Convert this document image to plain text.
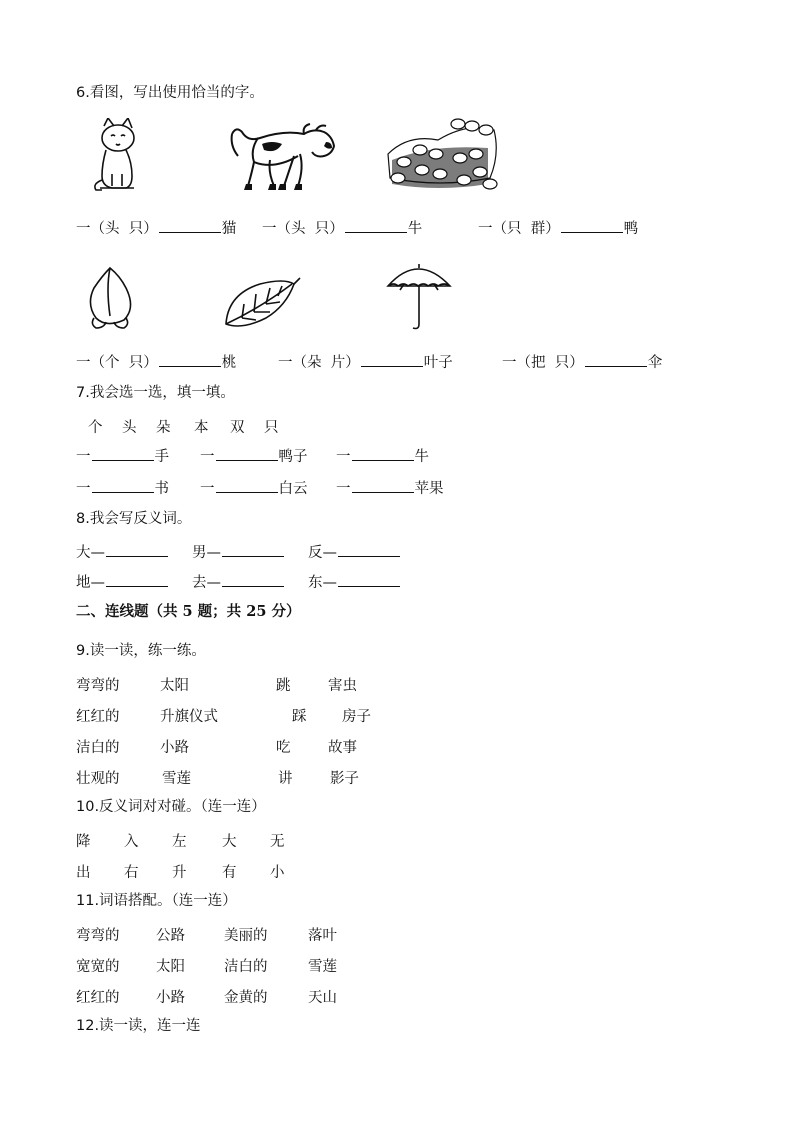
6.看图，写出使用恰当的字。
一（头  只）	猫 一（头  只）	牛	一（只  群）	鸭
一（个  只）	桃	一（朵  片）	叶子	一（把  只）	伞
7.我会选一选，填一填。
个 头 朵 本 双 只
一	手 一	鸭子 一	牛
一	书 一	白云 一	苹果
8.我会写反义词。
大—	男—	反—
地—	去—	东—
二、连线题（共 5 题；共 25 分）
9.读一读，练一练。
弯弯的	太阳	跳	害虫
红红的	升旗仪式	踩 房子
洁白的	小路	吃	故事
壮观的	雪莲	讲	影子
10.反义词对对碰。（连一连）
降 入 左 大 无
出 右 升 有 小
11.词语搭配。（连一连）
弯弯的	公路	美丽的	落叶
宽宽的	太阳	洁白的	雪莲
红红的	小路	金黄的	天山
12.读一读，连一连
